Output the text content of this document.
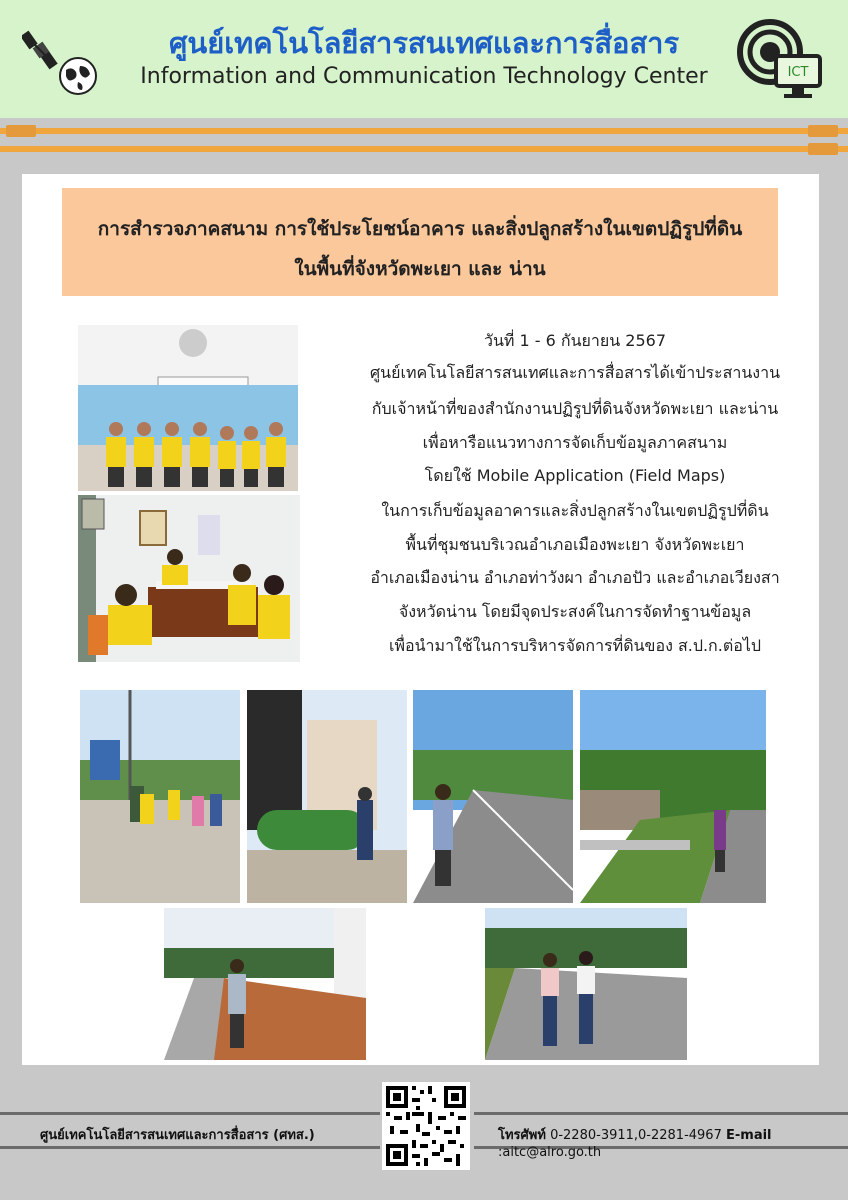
ศูนย์เทคโนโลยีสารสนเทศและการสื่อสาร
Information and Communication Technology Center	ICT
การสำรวจภาคสนาม การใช้ประโยชน์อาคาร และสิ่งปลูกสร้างในเขตปฏิรูปที่ดิน
ในพื้นที่จังหวัดพะเยา และ น่าน
วันที่ 1 - 6 กันยายน 2567
ศูนย์เทคโนโลยีสารสนเทศและการสื่อสารได้เข้าประสานงาน
กับเจ้าหน้าที่ของสำนักงานปฏิรูปที่ดินจังหวัดพะเยา และน่าน
เพื่อหารือแนวทางการจัดเก็บข้อมูลภาคสนาม
โดยใช้ Mobile Application (Field Maps)
ในการเก็บข้อมูลอาคารและสิ่งปลูกสร้างในเขตปฏิรูปที่ดิน
พื้นที่ชุมชนบริเวณอำเภอเมืองพะเยา จังหวัดพะเยา
อำเภอเมืองน่าน อำเภอท่าวังผา อำเภอปัว และอำเภอเวียงสา
จังหวัดน่าน โดยมีจุดประสงค์ในการจัดทำฐานข้อมูล
เพื่อนำมาใช้ในการบริหารจัดการที่ดินของ ส.ป.ก.ต่อไป
ศูนย์เทคโนโลยีสารสนเทศและการสื่อสาร (ศทส.)	โทรศัพท์ 0-2280-3911,0-2281-4967 E-mail :aitc@alro.go.th
